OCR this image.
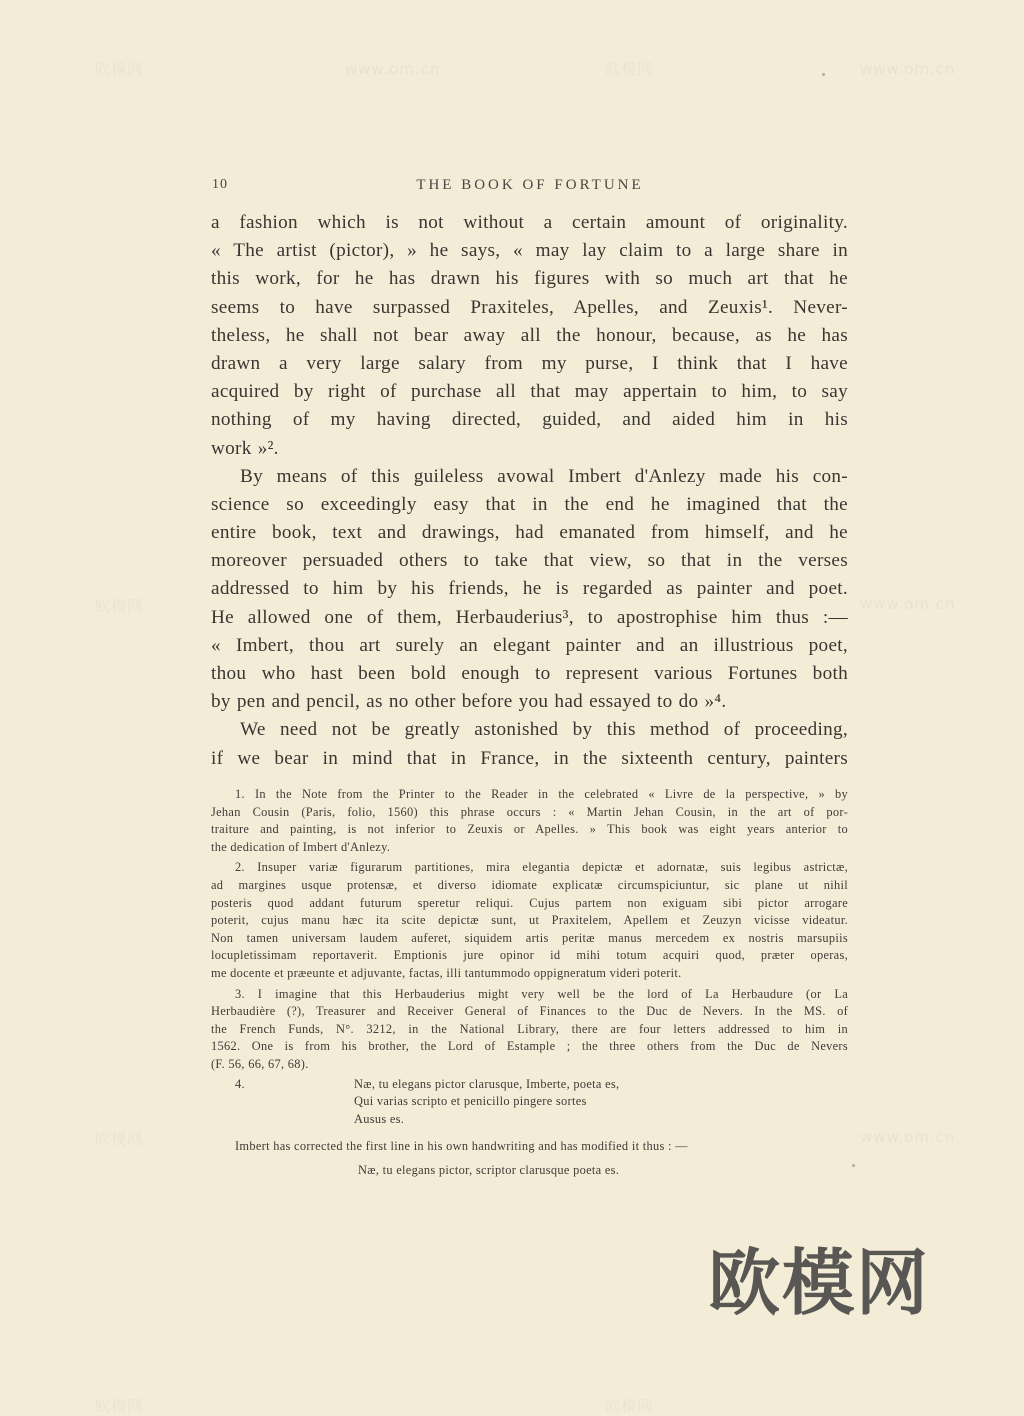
欧模网	www.om.cn	欧模网	www.om.cn
欧模网	www.om.cn
欧模网	www.om.cn
欧模网	欧模网
10	THE BOOK OF FORTUNE
a fashion which is not without a certain amount of originality.
« The artist (pictor), » he says, « may lay claim to a large share in
this work, for he has drawn his figures with so much art that he
seems to have surpassed Praxiteles, Apelles, and Zeuxis¹. Never-
theless, he shall not bear away all the honour, because, as he has
drawn a very large salary from my purse, I think that I have
acquired by right of purchase all that may appertain to him, to say
nothing of my having directed, guided, and aided him in his
work »².
By means of this guileless avowal Imbert d'Anlezy made his con-
science so exceedingly easy that in the end he imagined that the
entire book, text and drawings, had emanated from himself, and he
moreover persuaded others to take that view, so that in the verses
addressed to him by his friends, he is regarded as painter and poet.
He allowed one of them, Herbauderius³, to apostrophise him thus :—
« Imbert, thou art surely an elegant painter and an illustrious poet,
thou who hast been bold enough to represent various Fortunes both
by pen and pencil, as no other before you had essayed to do »⁴.
We need not be greatly astonished by this method of proceeding,
if we bear in mind that in France, in the sixteenth century, painters
1. In the Note from the Printer to the Reader in the celebrated « Livre de la perspective, » by
Jehan Cousin (Paris, folio, 1560) this phrase occurs : « Martin Jehan Cousin, in the art of por-
traiture and painting, is not inferior to Zeuxis or Apelles. » This book was eight years anterior to
the dedication of Imbert d'Anlezy.
2. Insuper variæ figurarum partitiones, mira elegantia depictæ et adornatæ, suis legibus astrictæ,
ad margines usque protensæ, et diverso idiomate explicatæ circumspiciuntur, sic plane ut nihil
posteris quod addant futurum speretur reliqui. Cujus partem non exiguam sibi pictor arrogare
poterit, cujus manu hæc ita scite depictæ sunt, ut Praxitelem, Apellem et Zeuzyn vicisse videatur.
Non tamen universam laudem auferet, siquidem artis peritæ manus mercedem ex nostris marsupiis
locupletissimam reportaverit. Emptionis jure opinor id mihi totum acquiri quod, præter operas,
me docente et præeunte et adjuvante, factas, illi tantummodo oppigneratum videri poterit.
3. I imagine that this Herbauderius might very well be the lord of La Herbaudure (or La
Herbaudière (?), Treasurer and Receiver General of Finances to the Duc de Nevers. In the MS. of
the French Funds, N°. 3212, in the National Library, there are four letters addressed to him in
1562. One is from his brother, the Lord of Estample ; the three others from the Duc de Nevers
(F. 56, 66, 67, 68).
4.	Næ, tu elegans pictor clarusque, Imberte, poeta es,
Qui varias scripto et penicillo pingere sortes
Ausus es.
Imbert has corrected the first line in his own handwriting and has modified it thus : —
Næ, tu elegans pictor, scriptor clarusque poeta es.
欧模网
